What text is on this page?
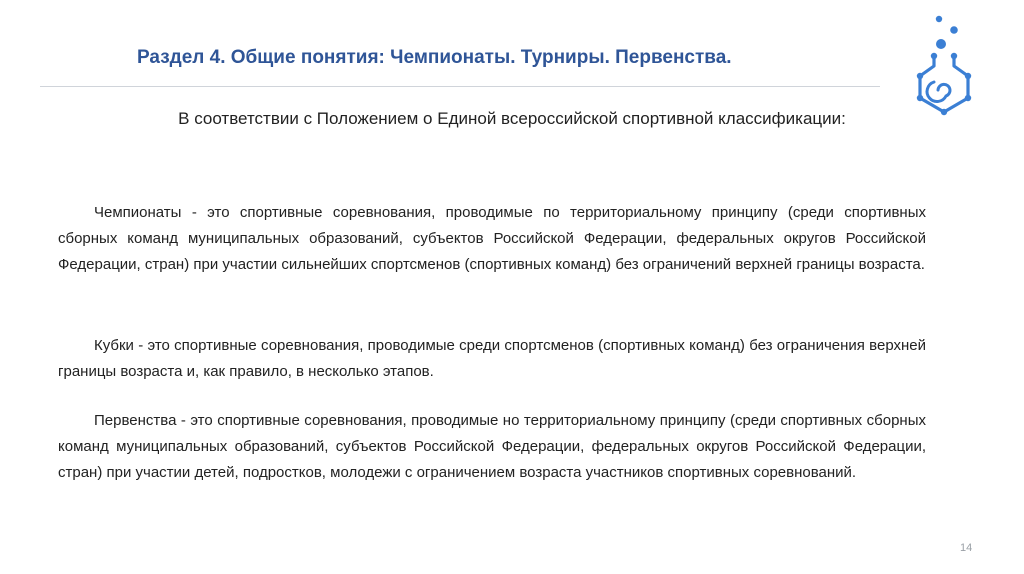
Раздел 4. Общие понятия: Чемпионаты. Турниры. Первенства.
В соответствии с Положением о Единой всероссийской спортивной классификации:

Чемпионаты - это спортивные соревнования, проводимые по территориальному принципу (среди спортивных сборных команд муниципальных образований, субъектов Российской Федерации, федеральных округов Российской Федерации, стран) при участии сильнейших спортсменов (спортивных команд) без ограничений верхней границы возраста.

Кубки - это спортивные соревнования, проводимые среди спортсменов (спортивных команд) без ограничения верхней границы возраста и, как правило, в несколько этапов.

Первенства - это спортивные соревнования, проводимые но территориальному принципу (среди спортивных сборных команд муниципальных образований, субъектов Российской Федерации, федеральных округов Российской Федерации, стран) при участии детей, подростков, молодежи с ограничением возраста участников спортивных соревнований.

14
